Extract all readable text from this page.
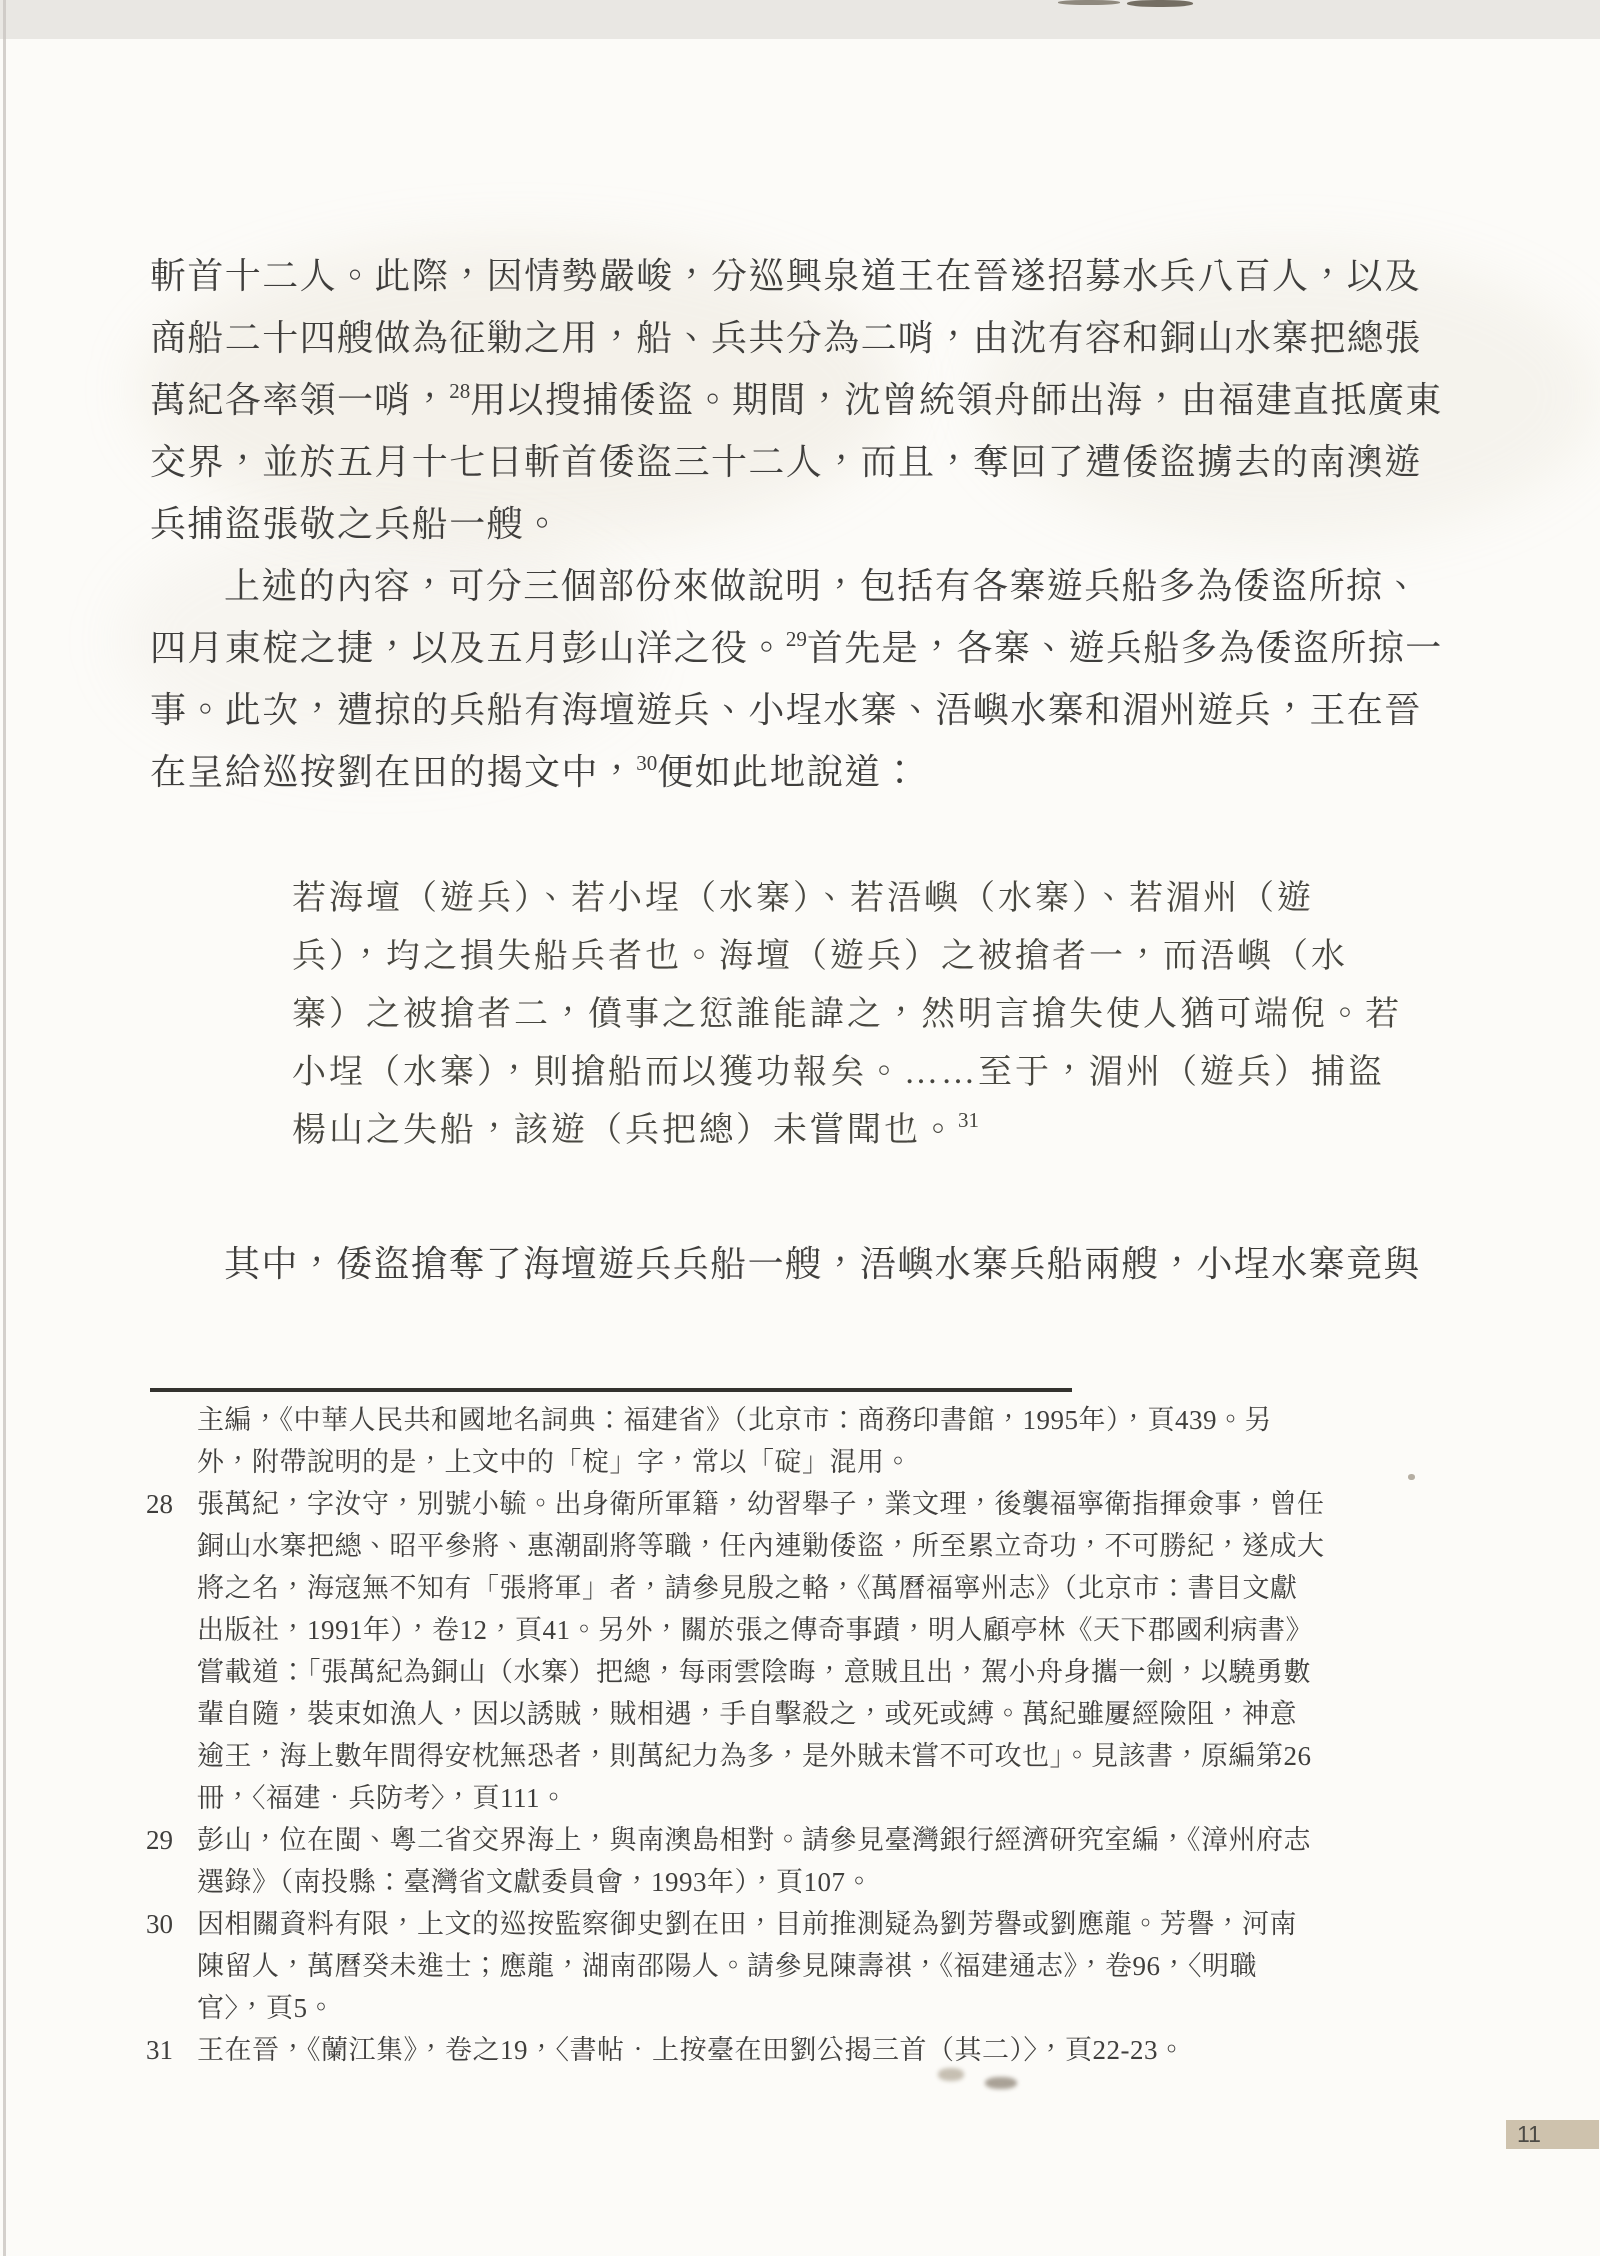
斬首十二人。此際，因情勢嚴峻，分巡興泉道王在晉遂招募水兵八百人，以及
商船二十四艘做為征勦之用，船、兵共分為二哨，由沈有容和銅山水寨把總張
萬紀各率領一哨，$^{28}$用以搜捕倭盜。期間，沈曾統領舟師出海，由福建直抵廣東
交界，並於五月十七日斬首倭盜三十二人，而且，奪回了遭倭盜擄去的南澳遊
兵捕盜張敬之兵船一艘。
上述的內容，可分三個部份來做說明，包括有各寨遊兵船多為倭盜所掠、
四月東椗之捷，以及五月彭山洋之役。$^{29}$首先是，各寨、遊兵船多為倭盜所掠一
事。此次，遭掠的兵船有海壇遊兵、小埕水寨、浯嶼水寨和湄州遊兵，王在晉
在呈給巡按劉在田的揭文中，$^{30}$便如此地說道：
若海壇（遊兵）、若小埕（水寨）、若浯嶼（水寨）、若湄州（遊
兵），均之損失船兵者也。海壇（遊兵）之被搶者一，而浯嶼（水
寨）之被搶者二，僨事之愆誰能諱之，然明言搶失使人猶可端倪。若
小埕（水寨），則搶船而以獲功報矣。……至于，湄州（遊兵）捕盜
楊山之失船，該遊（兵把總）未嘗聞也。$^{31}$
其中，倭盜搶奪了海壇遊兵兵船一艘，浯嶼水寨兵船兩艘，小埕水寨竟與
主編，《中華人民共和國地名詞典：福建省》（北京市：商務印書館，1995年），頁439。另
外，附帶說明的是，上文中的「椗」字，常以「碇」混用。
28 張萬紀，字汝守，別號小毓。出身衛所軍籍，幼習舉子，業文理，後襲福寧衛指揮僉事，曾任
銅山水寨把總、昭平參將、惠潮副將等職，任內連勦倭盜，所至累立奇功，不可勝紀，遂成大
將之名，海寇無不知有「張將軍」者，請參見殷之輅，《萬曆福寧州志》（北京市：書目文獻
出版社，1991年），卷12，頁41。另外，關於張之傳奇事蹟，明人顧亭林《天下郡國利病書》
嘗載道：「張萬紀為銅山（水寨）把總，每雨雲陰晦，意賊且出，駕小舟身攜一劍，以驍勇數
輩自隨，裝束如漁人，因以誘賊，賊相遇，手自擊殺之，或死或縛。萬紀雖屢經險阻，神意
逾王，海上數年間得安枕無恐者，則萬紀力為多，是外賊未嘗不可攻也」。見該書，原編第26
冊，〈福建．兵防考〉，頁111。
29 彭山，位在閩、粵二省交界海上，與南澳島相對。請參見臺灣銀行經濟研究室編，《漳州府志
選錄》（南投縣：臺灣省文獻委員會，1993年），頁107。
30 因相關資料有限，上文的巡按監察御史劉在田，目前推測疑為劉芳譽或劉應龍。芳譽，河南
陳留人，萬曆癸未進士；應龍，湖南邵陽人。請參見陳壽祺，《福建通志》，卷96，〈明職
官〉，頁5。
31 王在晉，《蘭江集》，卷之19，〈書帖．上按臺在田劉公揭三首（其二）〉，頁22-23。
11
